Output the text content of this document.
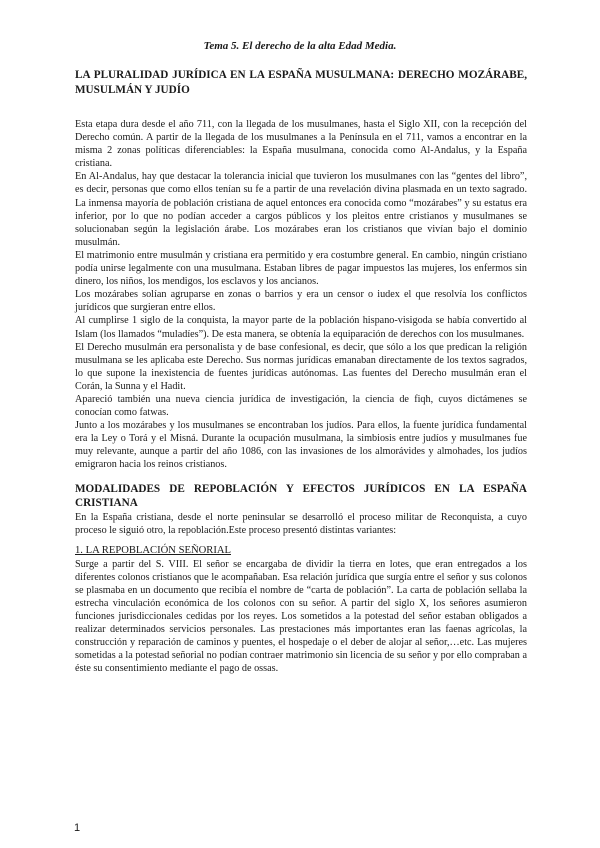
Tema 5. El derecho de la alta Edad Media.
LA PLURALIDAD JURÍDICA EN LA ESPAÑA MUSULMANA: DERECHO MOZÁRABE, MUSULMÁN Y JUDÍO

Esta etapa dura desde el año 711, con la llegada de los musulmanes, hasta el Siglo XII, con la recepción del Derecho común. A partir de la llegada de los musulmanes a la Península en el 711, vamos a encontrar en la misma 2 zonas políticas diferenciables: la España musulmana, conocida como Al-Andalus, y la España cristiana.

En Al-Andalus, hay que destacar la tolerancia inicial que tuvieron los musulmanes con las “gentes del libro”, es decir, personas que como ellos tenían su fe a partir de una revelación divina plasmada en un texto sagrado. La inmensa mayoría de población cristiana de aquel entonces era conocida como “mozárabes” y su estatus era inferior, por lo que no podían acceder a cargos públicos y los pleitos entre cristianos y musulmanes se solucionaban según la legislación árabe. Los mozárabes eran los cristianos que vivían bajo el dominio musulmán.

El matrimonio entre musulmán y cristiana era permitido y era costumbre general. En cambio, ningún cristiano podía unirse legalmente con una musulmana. Estaban libres de pagar impuestos las mujeres, los enfermos sin dinero, los niños, los mendigos, los esclavos y los ancianos.

Los mozárabes solían agruparse en zonas o barrios y era un censor o iudex el que resolvía los conflictos jurídicos que surgieran entre ellos.

Al cumplirse 1 siglo de la conquista, la mayor parte de la población hispano-visigoda se había convertido al Islam (los llamados “muladíes”). De esta manera, se obtenía la equiparación de derechos con los musulmanes.

El Derecho musulmán era personalista y de base confesional, es decir, que sólo a los que predican la religión musulmana se les aplicaba este Derecho. Sus normas jurídicas emanaban directamente de los textos sagrados, lo que supone la inexistencia de fuentes jurídicas autónomas. Las fuentes del Derecho musulmán eran el Corán, la Sunna y el Hadit.

Apareció también una nueva ciencia jurídica de investigación, la ciencia de fiqh, cuyos dictámenes se conocían como fatwas.

Junto a los mozárabes y los musulmanes se encontraban los judíos. Para ellos, la fuente jurídica fundamental era la Ley o Torá y el Misná. Durante la ocupación musulmana, la simbiosis entre judíos y musulmanes fue muy relevante, aunque a partir del año 1086, con las invasiones de los almorávides y almohades, los judíos emigraron hacia los reinos cristianos.

MODALIDADES DE REPOBLACIÓN Y EFECTOS JURÍDICOS EN LA ESPAÑA CRISTIANA

En la España cristiana, desde el norte peninsular se desarrolló el proceso militar de Reconquista, a cuyo proceso le siguió otro, la repoblación.Este proceso presentó distintas variantes:

1. LA REPOBLACIÓN SEÑORIAL

Surge a partir del S. VIII. El señor se encargaba de dividir la tierra en lotes, que eran entregados a los diferentes colonos cristianos que le acompañaban. Esa relación jurídica que surgía entre el señor y sus colonos se plasmaba en un documento que recibía el nombre de “carta de población”. La carta de población sellaba la estrecha vinculación económica de los colonos con su señor. A partir del siglo X, los señores asumieron funciones jurisdiccionales cedidas por los reyes. Los sometidos a la potestad del señor estaban obligados a realizar determinados servicios personales. Las prestaciones más importantes eran las faenas agrícolas, la construcción y reparación de caminos y puentes, el hospedaje o el deber de alojar al señor,…etc. Las mujeres sometidas a la potestad señorial no podían contraer matrimonio sin licencia de su señor y por ello compraban a éste su consentimiento mediante el pago de ossas.

1
